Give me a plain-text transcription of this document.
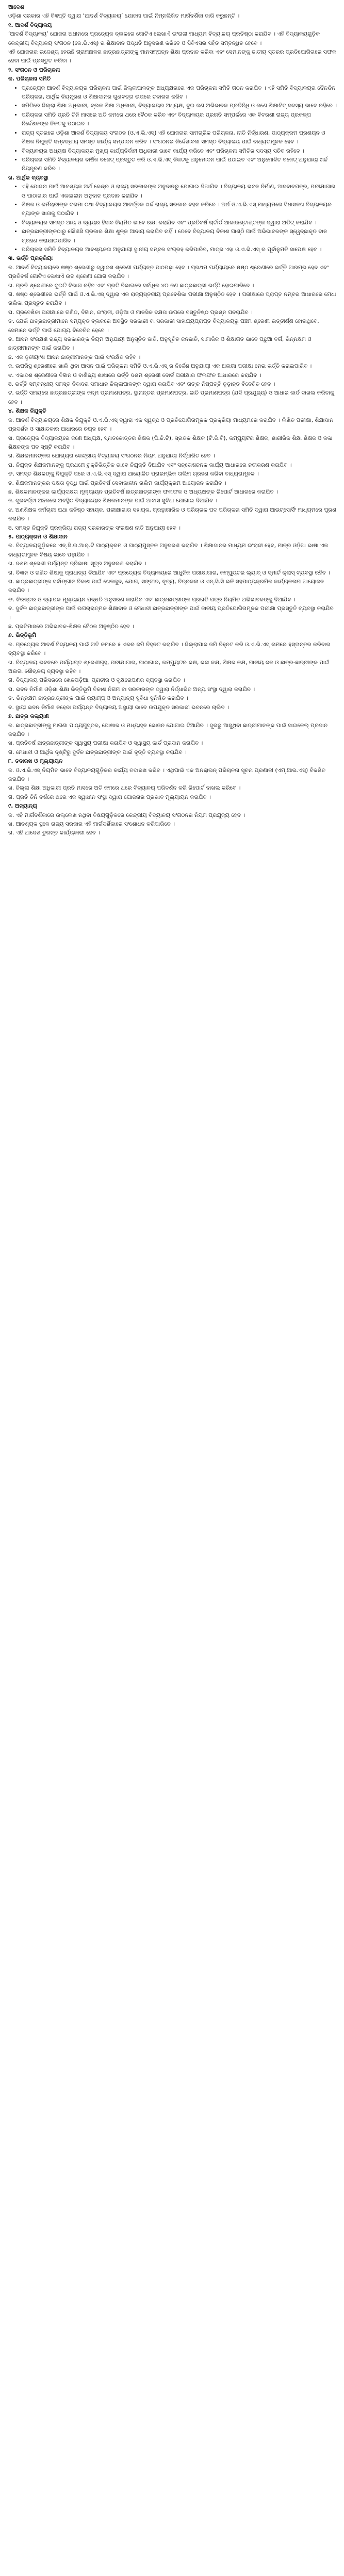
ଆଦେଶ

ଓଡ଼ିଶା ସରକାର ଏହି ବିଜ୍ଞପ୍ତି ଦ୍ୱାରା ‘ଆଦର୍ଶ ବିଦ୍ୟାଳୟ’ ଯୋଜନା ପାଇଁ ନିମ୍ନଲିଖିତ ମାର୍ଗଦର୍ଶିକା ଜାରି କରୁଛନ୍ତି ।

୧. ଆଦର୍ଶ ବିଦ୍ୟାଳୟ

‘ଆଦର୍ଶ ବିଦ୍ୟାଳୟ’ ଯୋଜନା ଅଧୀନରେ ପ୍ରତ୍ୟେକ ବ୍ଲକରେ ଗୋଟିଏ ଲେଖାଏଁ ଇଂରାଜୀ ମାଧ୍ୟମ ବିଦ୍ୟାଳୟ ପ୍ରତିଷ୍ଠା କରାଯିବ । ଏହି ବିଦ୍ୟାଳୟଗୁଡ଼ିକ କେନ୍ଦ୍ରୀୟ ବିଦ୍ୟାଳୟ ସଂଗଠନ (କେ.ଭି.ଏସ୍) ର ଶିକ୍ଷାଦାନ ପଦ୍ଧତି ଅନୁସରଣ କରିବେ ଓ ସିବିଏସଇ ସହିତ ସମ୍ବନ୍ଧିତ ହେବେ ।

ଏହି ଯୋଜନାର ଉଦ୍ଦେଶ୍ୟ ହେଉଛି ଗ୍ରାମାଞ୍ଚଳର ଛାତ୍ରଛାତ୍ରୀଙ୍କୁ ମାନସମ୍ପନ୍ନ ଶିକ୍ଷା ପ୍ରଦାନ କରିବା ଏବଂ ସେମାନଙ୍କୁ ଜାତୀୟ ସ୍ତରର ପ୍ରତିଯୋଗିତାରେ ସଫଳ ହେବା ପାଇଁ ପ୍ରସ୍ତୁତ କରିବା ।

୨. ସଂଗଠନ ଓ ପରିଚାଳନା

କ. ପରିଚାଳନା ସମିତି

• ପ୍ରତ୍ୟେକ ଆଦର୍ଶ ବିଦ୍ୟାଳୟର ପରିଚାଳନା ପାଇଁ ଜିଲ୍ଲାପାଳଙ୍କ ଅଧ୍ୟକ୍ଷତାରେ ଏକ ପରିଚାଳନା ସମିତି ଗଠନ କରାଯିବ । ଏହି ସମିତି ବିଦ୍ୟାଳୟର ଦୈନନ୍ଦିନ ପରିଚାଳନା, ଆର୍ଥିକ ନିୟନ୍ତ୍ରଣ ଓ ଶିକ୍ଷାଦାନର ଗୁଣବତ୍ତା ଉପରେ ତଦାରଖ କରିବ ।
• ସମିତିରେ ଜିଲ୍ଲା ଶିକ୍ଷା ଅଧିକାରୀ, ବ୍ଲକ ଶିକ୍ଷା ଅଧିକାରୀ, ବିଦ୍ୟାଳୟର ଅଧ୍ୟକ୍ଷ, ଦୁଇ ଜଣ ଅଭିଭାବକ ପ୍ରତିନିଧି ଓ ଜଣେ ଶିକ୍ଷାବିତ୍ ସଦସ୍ୟ ଭାବେ ରହିବେ ।
• ପରିଚାଳନା ସମିତି ପ୍ରତି ତିନି ମାସରେ ଅତି କମରେ ଥରେ ବୈଠକ କରିବ ଏବଂ ବିଦ୍ୟାଳୟର ପ୍ରଗତି ସମ୍ପର୍କରେ ଏକ ବିବରଣୀ ରାଜ୍ୟ ପ୍ରକଳ୍ପ ନିର୍ଦ୍ଦେଶକଙ୍କ ନିକଟକୁ ପଠାଇବ ।
• ରାଜ୍ୟ ସ୍ତରରେ ଓଡ଼ିଶା ଆଦର୍ଶ ବିଦ୍ୟାଳୟ ସଂଗଠନ (ଓ.ଏ.ଭି.ଏସ୍) ଏହି ଯୋଜନାର ସାମଗ୍ରିକ ପରିଚାଳନା, ନୀତି ନିର୍ଦ୍ଧାରଣ, ପାଠ୍ୟକ୍ରମ ପ୍ରଣୟନ ଓ ଶିକ୍ଷକ ନିଯୁକ୍ତି ସମ୍ବନ୍ଧୀୟ ସମସ୍ତ କାର୍ଯ୍ୟ ସମ୍ପାଦନ କରିବ । ସଂଗଠନର ନିର୍ଦ୍ଦେଶାବଳୀ ସମସ୍ତ ବିଦ୍ୟାଳୟ ପାଇଁ ବାଧ୍ୟତାମୂଳକ ହେବ ।
• ବିଦ୍ୟାଳୟର ଅଧ୍ୟକ୍ଷ ବିଦ୍ୟାଳୟର ମୁଖ୍ୟ କାର୍ଯ୍ୟନିର୍ବାହୀ ଅଧିକାରୀ ଭାବେ କାର୍ଯ୍ୟ କରିବେ ଏବଂ ପରିଚାଳନା ସମିତିର ସଦସ୍ୟ ସଚିବ ରହିବେ ।
• ପରିଚାଳନା ସମିତି ବିଦ୍ୟାଳୟର ବାର୍ଷିକ ବଜେଟ୍ ପ୍ରସ୍ତୁତ କରି ଓ.ଏ.ଭି.ଏସ୍ ନିକଟକୁ ଅନୁମୋଦନ ପାଇଁ ପଠାଇବ ଏବଂ ଅନୁମୋଦିତ ବଜେଟ୍ ଅନୁଯାୟୀ ଖର୍ଚ୍ଚ ନିୟନ୍ତ୍ରଣ କରିବ ।

ଖ. ଆର୍ଥିକ ବ୍ୟବସ୍ଥା

• ଏହି ଯୋଜନା ପାଇଁ ଆବଶ୍ୟକ ଅର୍ଥ କେନ୍ଦ୍ର ଓ ରାଜ୍ୟ ସରକାରଙ୍କ ଅନୁଦାନରୁ ଯୋଗାଇ ଦିଆଯିବ । ବିଦ୍ୟାଳୟ ଭବନ ନିର୍ମାଣ, ଆସବାବପତ୍ର, ପରୀକ୍ଷାଗାର ଓ ପାଠାଗାର ପାଇଁ ଏକକାଳୀନ ଅନୁଦାନ ପ୍ରଦାନ କରାଯିବ ।
• ଶିକ୍ଷକ ଓ କର୍ମଚାରୀଙ୍କ ଦରମା ତଥା ବିଦ୍ୟାଳୟର ଆବର୍ତ୍ତକ ଖର୍ଚ୍ଚ ରାଜ୍ୟ ସରକାର ବହନ କରିବେ । ଅର୍ଥ ଓ.ଏ.ଭି.ଏସ୍ ମାଧ୍ୟମରେ ସିଧାସଳଖ ବିଦ୍ୟାଳୟର ବ୍ୟାଙ୍କ ଖାତାକୁ ପଠାଯିବ ।
• ବିଦ୍ୟାଳୟର ସମସ୍ତ ଆୟ ଓ ବ୍ୟୟର ହିସାବ ନିୟମିତ ଭାବେ ରକ୍ଷା କରାଯିବ ଏବଂ ପ୍ରତିବର୍ଷ ଚାର୍ଟାର୍ଡ ଆକାଉଣ୍ଟାଣ୍ଟଙ୍କ ଦ୍ୱାରା ଅଡିଟ୍ କରାଯିବ ।
• ଛାତ୍ରଛାତ୍ରୀଙ୍କଠାରୁ କୌଣସି ପ୍ରକାର ଶିକ୍ଷା ଶୁଳ୍କ ଆଦାୟ କରାଯିବ ନାହିଁ । ତେବେ ବିଦ୍ୟାଳୟ ବିକାଶ ପାଣ୍ଠି ପାଇଁ ଅଭିଭାବକଙ୍କ ସ୍ୱେଚ୍ଛାକୃତ ଦାନ ଗ୍ରହଣ କରାଯାଇପାରିବ ।
• ପରିଚାଳନା ସମିତି ବିଦ୍ୟାଳୟର ଆବଶ୍ୟକତା ଅନୁଯାୟୀ ସ୍ଥାନୀୟ ସମ୍ବଳ ସଂଗ୍ରହ କରିପାରିବ, ମାତ୍ର ଏହା ଓ.ଏ.ଭି.ଏସ୍ ର ପୂର୍ବାନୁମତି ସାପେକ୍ଷ ହେବ ।

୩. ଭର୍ତ୍ତି ପ୍ରକ୍ରିୟା

କ. ଆଦର୍ଶ ବିଦ୍ୟାଳୟରେ ଷଷ୍ଠ ଶ୍ରେଣୀରୁ ଦ୍ୱାଦଶ ଶ୍ରେଣୀ ପର୍ଯ୍ୟନ୍ତ ପାଠପଢ଼ା ହେବ । ପ୍ରଥମ ପର୍ଯ୍ୟାୟରେ ଷଷ୍ଠ ଶ୍ରେଣୀରେ ଭର୍ତ୍ତି ଆରମ୍ଭ ହେବ ଏବଂ ପ୍ରତିବର୍ଷ ଗୋଟିଏ ଲେଖାଏଁ ଉଚ୍ଚ ଶ୍ରେଣୀ ଯୋଗ କରାଯିବ ।

ଖ. ପ୍ରତି ଶ୍ରେଣୀରେ ଦୁଇଟି ବିଭାଗ ରହିବ ଏବଂ ପ୍ରତି ବିଭାଗରେ ସର୍ବାଧିକ ୪୦ ଜଣ ଛାତ୍ରଛାତ୍ରୀ ଭର୍ତ୍ତି ହୋଇପାରିବେ ।

ଗ. ଷଷ୍ଠ ଶ୍ରେଣୀରେ ଭର୍ତ୍ତି ପାଇଁ ଓ.ଏ.ଭି.ଏସ୍ ଦ୍ୱାରା ଏକ ରାଜ୍ୟସ୍ତରୀୟ ପ୍ରବେଶିକା ପରୀକ୍ଷା ଅନୁଷ୍ଠିତ ହେବ । ପରୀକ୍ଷାରେ ପ୍ରାପ୍ତ ନମ୍ବର ଆଧାରରେ ମେଧା ତାଲିକା ପ୍ରସ୍ତୁତ କରାଯିବ ।

ଘ. ପ୍ରବେଶିକା ପରୀକ୍ଷାରେ ଗଣିତ, ବିଜ୍ଞାନ, ଇଂରାଜୀ, ଓଡ଼ିଆ ଓ ମାନସିକ ଦକ୍ଷତା ଉପରେ ବସ୍ତୁନିଷ୍ଠ ପ୍ରଶ୍ନ ପଚରାଯିବ ।

ଙ. ଯେଉଁ ଛାତ୍ରଛାତ୍ରୀମାନେ ସମ୍ପୃକ୍ତ ବ୍ଲକରେ ଅବସ୍ଥିତ ସରକାରୀ ବା ସରକାରୀ ସାହାଯ୍ୟପ୍ରାପ୍ତ ବିଦ୍ୟାଳୟରୁ ପଞ୍ଚମ ଶ୍ରେଣୀ ଉତ୍ତୀର୍ଣ୍ଣ ହୋଇଥିବେ, ସେମାନେ ଭର୍ତ୍ତି ପାଇଁ ଯୋଗ୍ୟ ବିବେଚିତ ହେବେ ।

ଚ. ଆସନ ସଂରକ୍ଷଣ ରାଜ୍ୟ ସରକାରଙ୍କ ନିୟମ ଅନୁଯାୟୀ ଅନୁସୂଚିତ ଜାତି, ଅନୁସୂଚିତ ଜନଜାତି, ସାମାଜିକ ଓ ଶିକ୍ଷାଗତ ଭାବେ ପଛୁଆ ବର୍ଗ, ଭିନ୍ନକ୍ଷମ ଓ ଛାତ୍ରୀମାନଙ୍କ ପାଇଁ କରାଯିବ ।

ଛ. ଏକ ତୃତୀୟାଂଶ ଆସନ ଛାତ୍ରୀମାନଙ୍କ ପାଇଁ ସଂରକ୍ଷିତ ରହିବ ।

ଜ. ଉପରିସ୍ଥ ଶ୍ରେଣୀରେ ଖାଲି ଥିବା ଆସନ ପାଇଁ ପରିଚାଳନା ସମିତି ଓ.ଏ.ଭି.ଏସ୍ ର ନିର୍ଦ୍ଦେଶ ଅନୁଯାୟୀ ଏକ ଅଲଗା ପରୀକ୍ଷା ନେଇ ଭର୍ତ୍ତି କରାଇପାରିବ ।

ଝ. ଏକାଦଶ ଶ୍ରେଣୀରେ ବିଜ୍ଞାନ ଓ ବାଣିଜ୍ୟ ଶାଖାରେ ଭର୍ତ୍ତି ଦଶମ ଶ୍ରେଣୀ ବୋର୍ଡ ପରୀକ୍ଷାର ଫଳାଫଳ ଆଧାରରେ କରାଯିବ ।

ଞ. ଭର୍ତ୍ତି ସମ୍ବନ୍ଧୀୟ ସମସ୍ତ ବିବାଦର ସମାଧାନ ଜିଲ୍ଲାପାଳଙ୍କ ଦ୍ୱାରା କରାଯିବ ଏବଂ ତାଙ୍କ ନିଷ୍ପତ୍ତି ଚୂଡ଼ାନ୍ତ ବିବେଚିତ ହେବ ।

ଟ. ଭର୍ତ୍ତି ସମୟରେ ଛାତ୍ରଛାତ୍ରୀଙ୍କ ଜନ୍ମ ପ୍ରମାଣପତ୍ର, ସ୍ଥାନାନ୍ତର ପ୍ରମାଣପତ୍ର, ଜାତି ପ୍ରମାଣପତ୍ର (ଯଦି ପ୍ରଯୁଜ୍ୟ) ଓ ଆଧାର କାର୍ଡ ଦାଖଲ କରିବାକୁ ହେବ ।

୪. ଶିକ୍ଷକ ନିଯୁକ୍ତି

କ. ଆଦର୍ଶ ବିଦ୍ୟାଳୟରେ ଶିକ୍ଷକ ନିଯୁକ୍ତି ଓ.ଏ.ଭି.ଏସ୍ ଦ୍ୱାରା ଏକ ସ୍ୱଚ୍ଛ ଓ ପ୍ରତିଯୋଗିତାମୂଳକ ପ୍ରକ୍ରିୟା ମାଧ୍ୟମରେ କରାଯିବ । ଲିଖିତ ପରୀକ୍ଷା, ଶିକ୍ଷାଦାନ ପ୍ରଦର୍ଶନ ଓ ସାକ୍ଷାତକାର ଆଧାରରେ ଚୟନ ହେବ ।

ଖ. ପ୍ରତ୍ୟେକ ବିଦ୍ୟାଳୟରେ ଜଣେ ଅଧ୍ୟକ୍ଷ, ସ୍ନାତକୋତ୍ତର ଶିକ୍ଷକ (ପି.ଜି.ଟି), ସ୍ନାତକ ଶିକ୍ଷକ (ଟି.ଜି.ଟି), କମ୍ପ୍ୟୁଟର ଶିକ୍ଷକ, ଶାରୀରିକ ଶିକ୍ଷା ଶିକ୍ଷକ ଓ କଳା ଶିକ୍ଷକଙ୍କ ପଦ ସୃଷ୍ଟି କରାଯିବ ।

ଗ. ଶିକ୍ଷକମାନଙ୍କର ଯୋଗ୍ୟତା କେନ୍ଦ୍ରୀୟ ବିଦ୍ୟାଳୟ ସଂଗଠନର ନିୟମ ଅନୁଯାୟୀ ନିର୍ଦ୍ଧାରିତ ହେବ ।

ଘ. ନିଯୁକ୍ତ ଶିକ୍ଷକମାନଙ୍କୁ ପ୍ରଥମେ ଚୁକ୍ତିଭିତ୍ତିକ ଭାବେ ନିଯୁକ୍ତି ଦିଆଯିବ ଏବଂ ସନ୍ତୋଷଜନକ କାର୍ଯ୍ୟ ଆଧାରରେ ନବୀକରଣ କରାଯିବ ।

ଙ. ସମସ୍ତ ଶିକ୍ଷକଙ୍କୁ ନିଯୁକ୍ତି ପରେ ଓ.ଏ.ଭି.ଏସ୍ ଦ୍ୱାରା ଆୟୋଜିତ ପ୍ରାରମ୍ଭିକ ତାଲିମ ଗ୍ରହଣ କରିବା ବାଧ୍ୟତାମୂଳକ ।

ଚ. ଶିକ୍ଷକମାନଙ୍କର ଦକ୍ଷତା ବୃଦ୍ଧି ପାଇଁ ପ୍ରତିବର୍ଷ ସେବାକାଳୀନ ତାଲିମ କାର୍ଯ୍ୟକ୍ରମ ଆୟୋଜନ କରାଯିବ ।

ଛ. ଶିକ୍ଷକମାନଙ୍କର କାର୍ଯ୍ୟଦକ୍ଷତା ମୂଲ୍ୟାୟନ ପ୍ରତିବର୍ଷ ଛାତ୍ରଛାତ୍ରୀଙ୍କ ଫଳାଫଳ ଓ ଅଧ୍ୟକ୍ଷଙ୍କ ରିପୋର୍ଟ ଆଧାରରେ କରାଯିବ ।

ଜ. ଦୂରବର୍ତ୍ତୀ ଅଞ୍ଚଳରେ ଅବସ୍ଥିତ ବିଦ୍ୟାଳୟର ଶିକ୍ଷକମାନଙ୍କ ପାଇଁ ଆବାସ ସୁବିଧା ଯୋଗାଇ ଦିଆଯିବ ।

ଝ. ଅଣଶିକ୍ଷକ କର୍ମଚାରୀ ଯଥା କନିଷ୍ଠ ସହାୟକ, ପରୀକ୍ଷାଗାର ସହାୟକ, ଗ୍ରନ୍ଥାଗାରିକ ଓ ପରିଚାରକ ପଦ ପରିଚାଳନା ସମିତି ଦ୍ୱାରା ଆଉଟ୍‌ସୋର୍ସିଂ ମାଧ୍ୟମରେ ପୂରଣ କରାଯିବ ।

ଞ. ସମସ୍ତ ନିଯୁକ୍ତି ପ୍ରକ୍ରିୟା ରାଜ୍ୟ ସରକାରଙ୍କ ସଂରକ୍ଷଣ ନୀତି ଅନୁଯାୟୀ ହେବ ।

୫. ପାଠ୍ୟକ୍ରମ ଓ ଶିକ୍ଷାଦାନ

କ. ବିଦ୍ୟାଳୟଗୁଡ଼ିକରେ ଏନ୍.ସି.ଇ.ଆର୍.ଟି ପାଠ୍ୟକ୍ରମ ଓ ପାଠ୍ୟପୁସ୍ତକ ଅନୁସରଣ କରାଯିବ । ଶିକ୍ଷାଦାନର ମାଧ୍ୟମ ଇଂରାଜୀ ହେବ, ମାତ୍ର ଓଡ଼ିଆ ଭାଷା ଏକ ବାଧ୍ୟତାମୂଳକ ବିଷୟ ଭାବେ ପଢ଼ାଯିବ ।

ଖ. ଦଶମ ଶ୍ରେଣୀ ପର୍ଯ୍ୟନ୍ତ ତ୍ରିଭାଷା ସୂତ୍ର ଅନୁସରଣ କରାଯିବ ।

ଗ. ବିଜ୍ଞାନ ଓ ଗଣିତ ଶିକ୍ଷାକୁ ପ୍ରାଧାନ୍ୟ ଦିଆଯିବ ଏବଂ ପ୍ରତ୍ୟେକ ବିଦ୍ୟାଳୟରେ ଆଧୁନିକ ପରୀକ୍ଷାଗାର, କମ୍ପ୍ୟୁଟର ଲ୍ୟାବ୍ ଓ ସ୍ମାର୍ଟ କ୍ଲାସ୍ ବ୍ୟବସ୍ଥା ରହିବ ।

ଘ. ଛାତ୍ରଛାତ୍ରୀଙ୍କ ସର୍ବାଙ୍ଗୀନ ବିକାଶ ପାଇଁ ଖେଳକୁଦ, ଯୋଗ, ସଙ୍ଗୀତ, ନୃତ୍ୟ, ଚିତ୍ରକଳା ଓ ଏନ୍.ସି.ସି ଭଳି ସହପାଠ୍ୟକ୍ରମିକ କାର୍ଯ୍ୟକଳାପ ଆୟୋଜନ କରାଯିବ ।

ଙ. ନିରନ୍ତର ଓ ବ୍ୟାପକ ମୂଲ୍ୟାୟନ ପଦ୍ଧତି ଅନୁସରଣ କରାଯିବ ଏବଂ ଛାତ୍ରଛାତ୍ରୀଙ୍କ ପ୍ରଗତି ପତ୍ର ନିୟମିତ ଅଭିଭାବକଙ୍କୁ ଦିଆଯିବ ।

ଚ. ଦୁର୍ବଳ ଛାତ୍ରଛାତ୍ରୀଙ୍କ ପାଇଁ ଉପଚାରାତ୍ମକ ଶିକ୍ଷାଦାନ ଓ ମେଧାବୀ ଛାତ୍ରଛାତ୍ରୀଙ୍କ ପାଇଁ ଜାତୀୟ ପ୍ରତିଯୋଗିତାମୂଳକ ପରୀକ୍ଷା ପ୍ରସ୍ତୁତି ବ୍ୟବସ୍ଥା କରାଯିବ ।

ଛ. ପ୍ରତିମାସରେ ଅଭିଭାବକ-ଶିକ୍ଷକ ବୈଠକ ଅନୁଷ୍ଠିତ ହେବ ।

୬. ଭିତ୍ତିଭୂମି

କ. ପ୍ରତ୍ୟେକ ଆଦର୍ଶ ବିଦ୍ୟାଳୟ ପାଇଁ ଅତି କମରେ ୫ ଏକର ଜମି ଚିହ୍ନଟ କରାଯିବ । ଜିଲ୍ଲାପାଳ ଜମି ଚିହ୍ନଟ କରି ଓ.ଏ.ଭି.ଏସ୍ ନାମରେ ହସ୍ତାନ୍ତର କରିବାର ବ୍ୟବସ୍ଥା କରିବେ ।

ଖ. ବିଦ୍ୟାଳୟ ଭବନରେ ପର୍ଯ୍ୟାପ୍ତ ଶ୍ରେଣୀଗୃହ, ପରୀକ୍ଷାଗାର, ପାଠାଗାର, କମ୍ପ୍ୟୁଟର କକ୍ଷ, କଳା କକ୍ଷ, ଶିକ୍ଷକ କକ୍ଷ, ପାନୀୟ ଜଳ ଓ ଛାତ୍ର-ଛାତ୍ରୀଙ୍କ ପାଇଁ ଅଲଗା ଶୌଚାଳୟ ବ୍ୟବସ୍ଥା ରହିବ ।

ଗ. ବିଦ୍ୟାଳୟ ପରିସରରେ ଖେଳପଡ଼ିଆ, ପ୍ରାଚୀର ଓ ବୃକ୍ଷରୋପଣର ବ୍ୟବସ୍ଥା କରାଯିବ ।

ଘ. ଭବନ ନିର୍ମାଣ ଓଡ଼ିଶା ଶିକ୍ଷା ଭିତ୍ତିଭୂମି ବିକାଶ ନିଗମ ବା ସରକାରଙ୍କ ଦ୍ୱାରା ନିର୍ଦ୍ଧାରିତ ଅନ୍ୟ ସଂସ୍ଥା ଦ୍ୱାରା କରାଯିବ ।

ଙ. ଭିନ୍ନକ୍ଷମ ଛାତ୍ରଛାତ୍ରୀଙ୍କ ପାଇଁ ର‌୍ୟାମ୍ପ୍ ଓ ଅନ୍ୟାନ୍ୟ ସୁବିଧା ସୁନିଶ୍ଚିତ କରାଯିବ ।

ଚ. ସ୍ଥାୟୀ ଭବନ ନିର୍ମାଣ ନହେବା ପର୍ଯ୍ୟନ୍ତ ବିଦ୍ୟାଳୟ ଅସ୍ଥାୟୀ ଭାବେ ଉପଯୁକ୍ତ ସରକାରୀ ଭବନରେ ଚାଲିବ ।

୭. ଛାତ୍ର କଲ୍ୟାଣ

କ. ଛାତ୍ରଛାତ୍ରୀଙ୍କୁ ମାଗଣା ପାଠ୍ୟପୁସ୍ତକ, ପୋଷାକ ଓ ମଧ୍ୟାହ୍ନ ଭୋଜନ ଯୋଗାଇ ଦିଆଯିବ । ଦୂରରୁ ଆସୁଥିବା ଛାତ୍ରୀମାନଙ୍କ ପାଇଁ ସାଇକେଲ୍ ପ୍ରଦାନ କରାଯିବ ।

ଖ. ପ୍ରତିବର୍ଷ ଛାତ୍ରଛାତ୍ରୀଙ୍କ ସ୍ୱାସ୍ଥ୍ୟ ପରୀକ୍ଷା କରାଯିବ ଓ ସ୍ୱାସ୍ଥ୍ୟ କାର୍ଡ ପ୍ରଦାନ କରାଯିବ ।

ଗ. ମେଧାବୀ ଓ ଆର୍ଥିକ ଦୃଷ୍ଟିରୁ ଦୁର୍ବଳ ଛାତ୍ରଛାତ୍ରୀଙ୍କ ପାଇଁ ବୃତ୍ତି ବ୍ୟବସ୍ଥା କରାଯିବ ।

୮. ତଦାରଖ ଓ ମୂଲ୍ୟାୟନ

କ. ଓ.ଏ.ଭି.ଏସ୍ ନିୟମିତ ଭାବେ ବିଦ୍ୟାଳୟଗୁଡ଼ିକର କାର୍ଯ୍ୟ ତଦାରଖ କରିବ । ଏଥିପାଇଁ ଏକ ଅନଲାଇନ୍ ପରିଚାଳନା ସୂଚନା ପ୍ରଣାଳୀ (ଏମ୍.ଆଇ.ଏସ୍) ବିକଶିତ କରାଯିବ ।

ଖ. ଜିଲ୍ଲା ଶିକ୍ଷା ଅଧିକାରୀ ପ୍ରତି ମାସରେ ଅତି କମରେ ଥରେ ବିଦ୍ୟାଳୟ ପରିଦର୍ଶନ କରି ରିପୋର୍ଟ ଦାଖଲ କରିବେ ।

ଗ. ପ୍ରତି ତିନି ବର୍ଷରେ ଥରେ ଏକ ସ୍ୱାଧୀନ ସଂସ୍ଥା ଦ୍ୱାରା ଯୋଜନାର ପ୍ରଭାବ ମୂଲ୍ୟାୟନ କରାଯିବ ।

୯. ଅନ୍ୟାନ୍ୟ

କ. ଏହି ମାର୍ଗଦର୍ଶିକାରେ ଉଲ୍ଲେଖ ନଥିବା ବିଷୟଗୁଡ଼ିକରେ କେନ୍ଦ୍ରୀୟ ବିଦ୍ୟାଳୟ ସଂଗଠନର ନିୟମ ପ୍ରଯୁଜ୍ୟ ହେବ ।

ଖ. ଆବଶ୍ୟକ ସ୍ଥଳେ ରାଜ୍ୟ ସରକାର ଏହି ମାର୍ଗଦର୍ଶିକାରେ ସଂଶୋଧନ କରିପାରିବେ ।

ଗ. ଏହି ଆଦେଶ ତୁରନ୍ତ କାର୍ଯ୍ୟକାରୀ ହେବ ।
